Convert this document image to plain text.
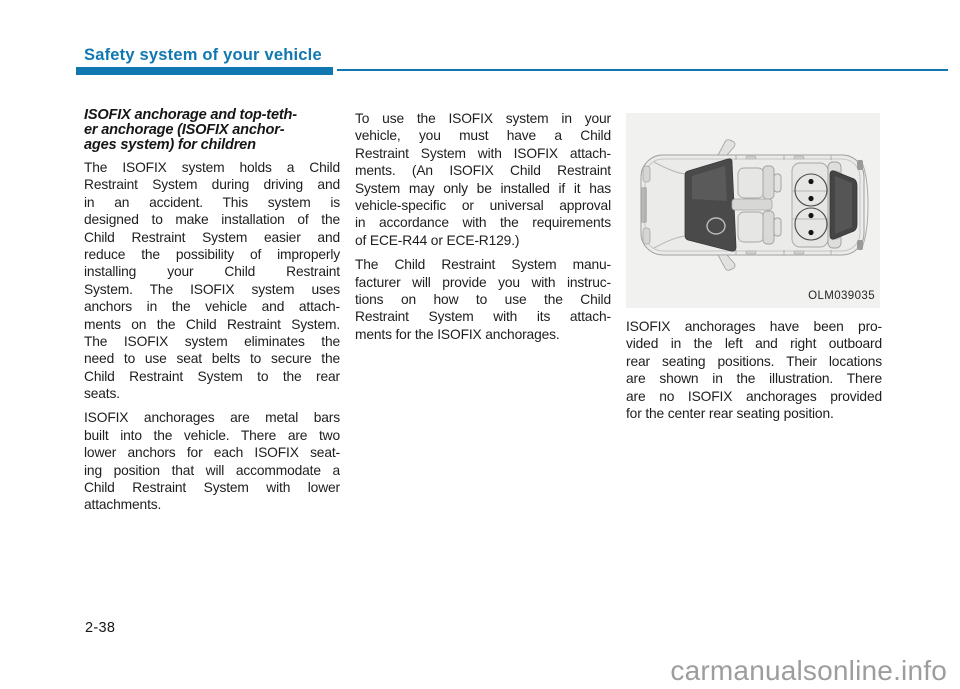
Safety system of your vehicle
ISOFIX anchorage and top-teth-
er anchorage (ISOFIX anchor-
ages system) for children

The ISOFIX system holds a Child
Restraint System during driving and
in an accident. This system is
designed to make installation of the
Child Restraint System easier and
reduce the possibility of improperly
installing your Child Restraint
System. The ISOFIX system uses
anchors in the vehicle and attach-
ments on the Child Restraint System.
The ISOFIX system eliminates the
need to use seat belts to secure the
Child Restraint System to the rear
seats.

ISOFIX anchorages are metal bars
built into the vehicle. There are two
lower anchors for each ISOFIX seat-
ing position that will accommodate a
Child Restraint System with lower
attachments.

To use the ISOFIX system in your
vehicle, you must have a Child
Restraint System with ISOFIX attach-
ments. (An ISOFIX Child Restraint
System may only be installed if it has
vehicle-specific or universal approval
in accordance with the requirements
of ECE-R44 or ECE-R129.)

The Child Restraint System manu-
facturer will provide you with instruc-
tions on how to use the Child
Restraint System with its attach-
ments for the ISOFIX anchorages.

OLM039035

ISOFIX anchorages have been pro-
vided in the left and right outboard
rear seating positions. Their locations
are shown in the illustration. There
are no ISOFIX anchorages provided
for the center rear seating position.

2-38
carmanualsonline.info
